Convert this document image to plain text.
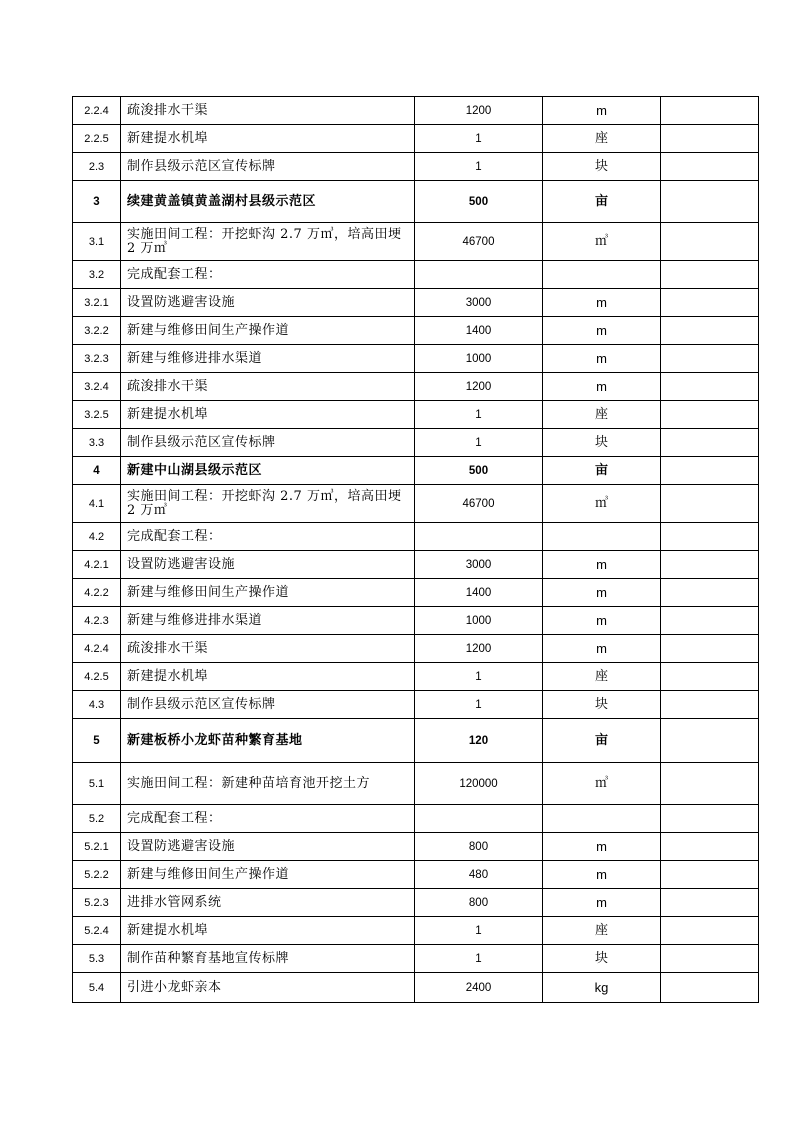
2.2.4	疏浚排水干渠	1200	m	
2.2.5	新建提水机埠	1	座	
2.3	制作县级示范区宣传标牌	1	块	
3	续建黄盖镇黄盖湖村县级示范区	500	亩	
3.1	实施田间工程：开挖虾沟 2.7 万㎥，培高田埂 2 万㎥	46700	㎥	
3.2	完成配套工程：			
3.2.1	设置防逃避害设施	3000	m	
3.2.2	新建与维修田间生产操作道	1400	m	
3.2.3	新建与维修进排水渠道	1000	m	
3.2.4	疏浚排水干渠	1200	m	
3.2.5	新建提水机埠	1	座	
3.3	制作县级示范区宣传标牌	1	块	
4	新建中山湖县级示范区	500	亩	
4.1	实施田间工程：开挖虾沟 2.7 万㎥，培高田埂 2 万㎥	46700	㎥	
4.2	完成配套工程：			
4.2.1	设置防逃避害设施	3000	m	
4.2.2	新建与维修田间生产操作道	1400	m	
4.2.3	新建与维修进排水渠道	1000	m	
4.2.4	疏浚排水干渠	1200	m	
4.2.5	新建提水机埠	1	座	
4.3	制作县级示范区宣传标牌	1	块	
5	新建板桥小龙虾苗种繁育基地	120	亩	
5.1	实施田间工程：新建种苗培育池开挖土方	120000	㎥	
5.2	完成配套工程：			
5.2.1	设置防逃避害设施	800	m	
5.2.2	新建与维修田间生产操作道	480	m	
5.2.3	进排水管网系统	800	m	
5.2.4	新建提水机埠	1	座	
5.3	制作苗种繁育基地宣传标牌	1	块	
5.4	引进小龙虾亲本	2400	kg	
